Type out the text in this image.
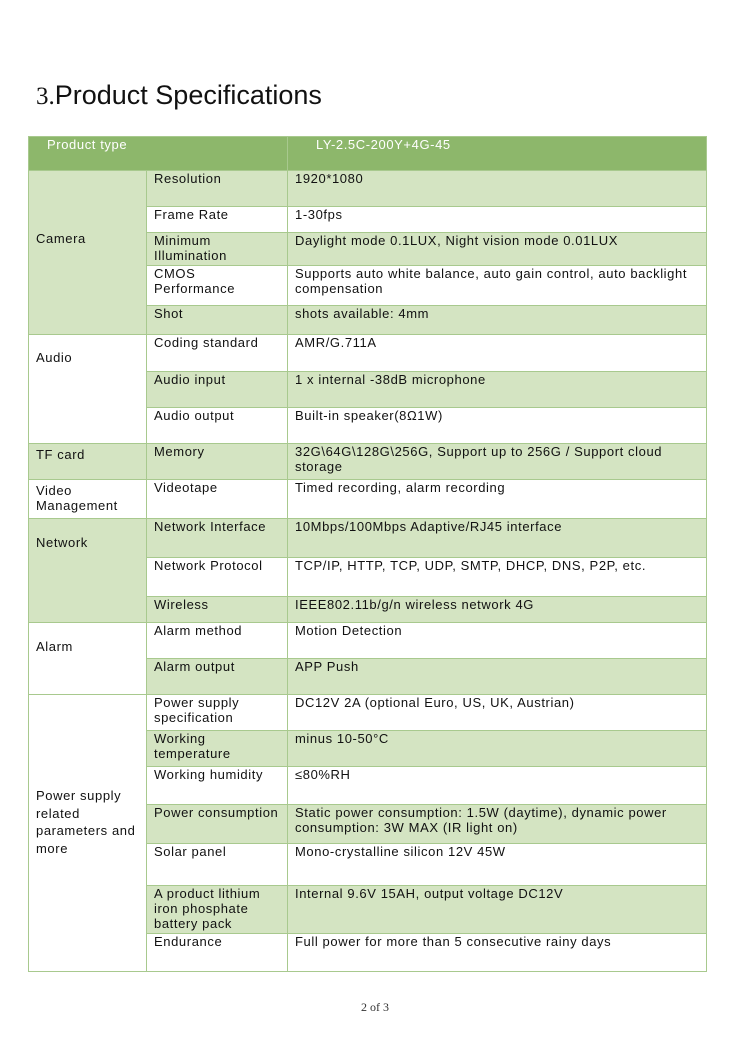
3.Product Specifications
Product type		LY-2.5C-200Y+4G-45
Camera	Resolution	1920*1080
	Frame Rate	1-30fps
	Minimum Illumination	Daylight mode 0.1LUX, Night vision mode 0.01LUX
	CMOS Performance	Supports auto white balance, auto gain control, auto backlight compensation
	Shot	shots available: 4mm
Audio	Coding standard	AMR/G.711A
	Audio input	1 x internal -38dB microphone
	Audio output	Built-in speaker(8Ω1W)
TF card	Memory	32G\64G\128G\256G, Support up to 256G / Support cloud storage
Video Management	Videotape	Timed recording, alarm recording
Network	Network Interface	10Mbps/100Mbps Adaptive/RJ45 interface
	Network Protocol	TCP/IP, HTTP, TCP, UDP, SMTP, DHCP, DNS, P2P, etc.
	Wireless	IEEE802.11b/g/n wireless network 4G
Alarm	Alarm method	Motion Detection
	Alarm output	APP Push
Power supply related parameters and more	Power supply specification	DC12V 2A (optional Euro, US, UK, Austrian)
	Working temperature	minus 10-50°C
	Working humidity	≤80%RH
	Power consumption	Static power consumption: 1.5W (daytime), dynamic power consumption: 3W MAX (IR light on)
	Solar panel	Mono-crystalline silicon 12V 45W
	A product lithium iron phosphate battery pack	Internal 9.6V 15AH, output voltage DC12V
	Endurance	Full power for more than 5 consecutive rainy days
2 of 3
